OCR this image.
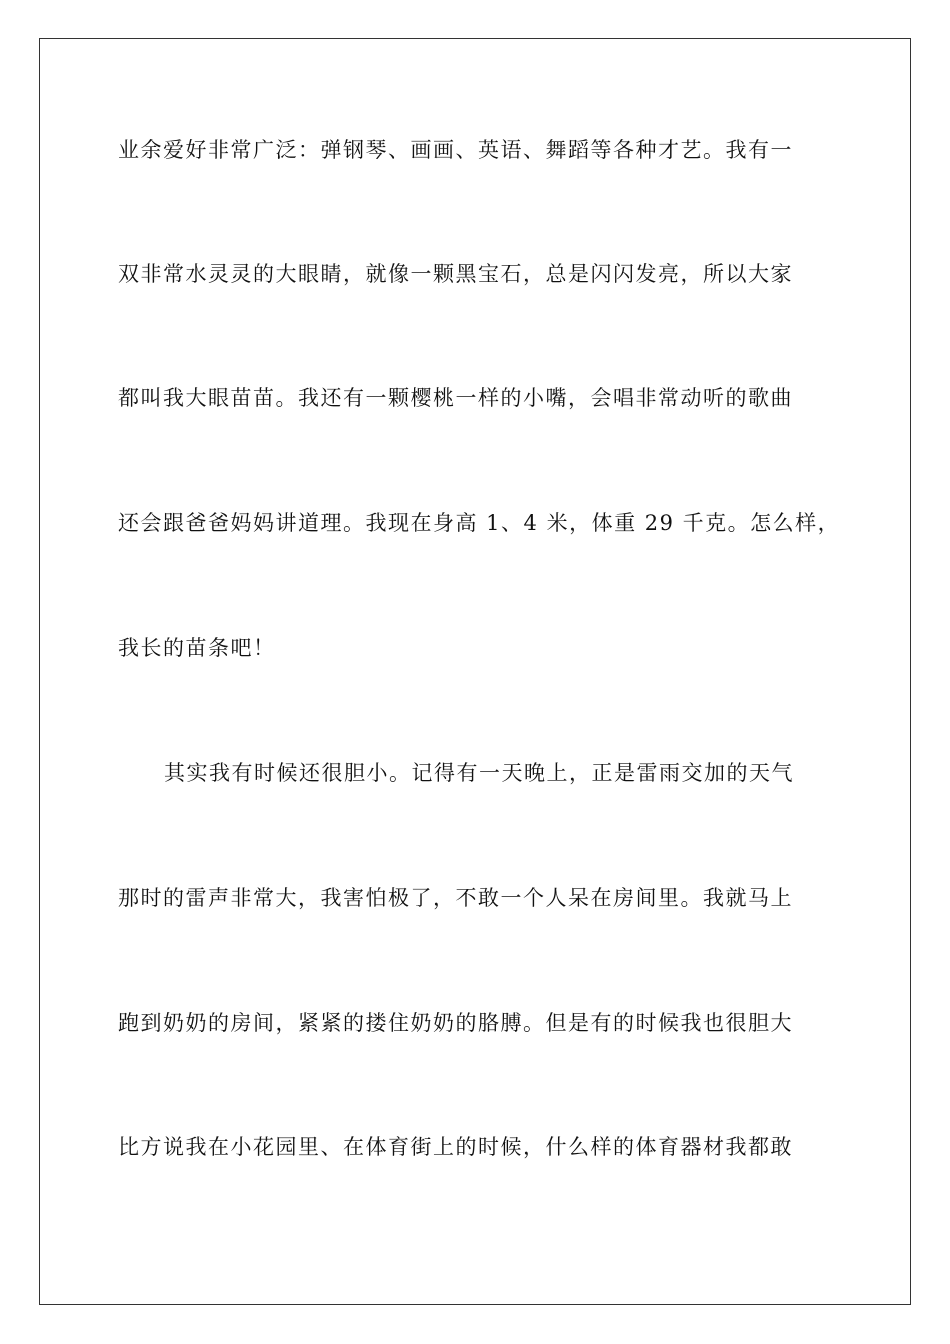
业余爱好非常广泛：弹钢琴、画画、英语、舞蹈等各种才艺。我有一
双非常水灵灵的大眼睛，就像一颗黑宝石，总是闪闪发亮，所以大家
都叫我大眼苗苗。我还有一颗樱桃一样的小嘴，会唱非常动听的歌曲
还会跟爸爸妈妈讲道理。我现在身高 1、4 米，体重 29 千克。怎么样，
我长的苗条吧！
其实我有时候还很胆小。记得有一天晚上，正是雷雨交加的天气
那时的雷声非常大，我害怕极了，不敢一个人呆在房间里。我就马上
跑到奶奶的房间，紧紧的搂住奶奶的胳膊。但是有的时候我也很胆大
比方说我在小花园里、在体育街上的时候，什么样的体育器材我都敢
